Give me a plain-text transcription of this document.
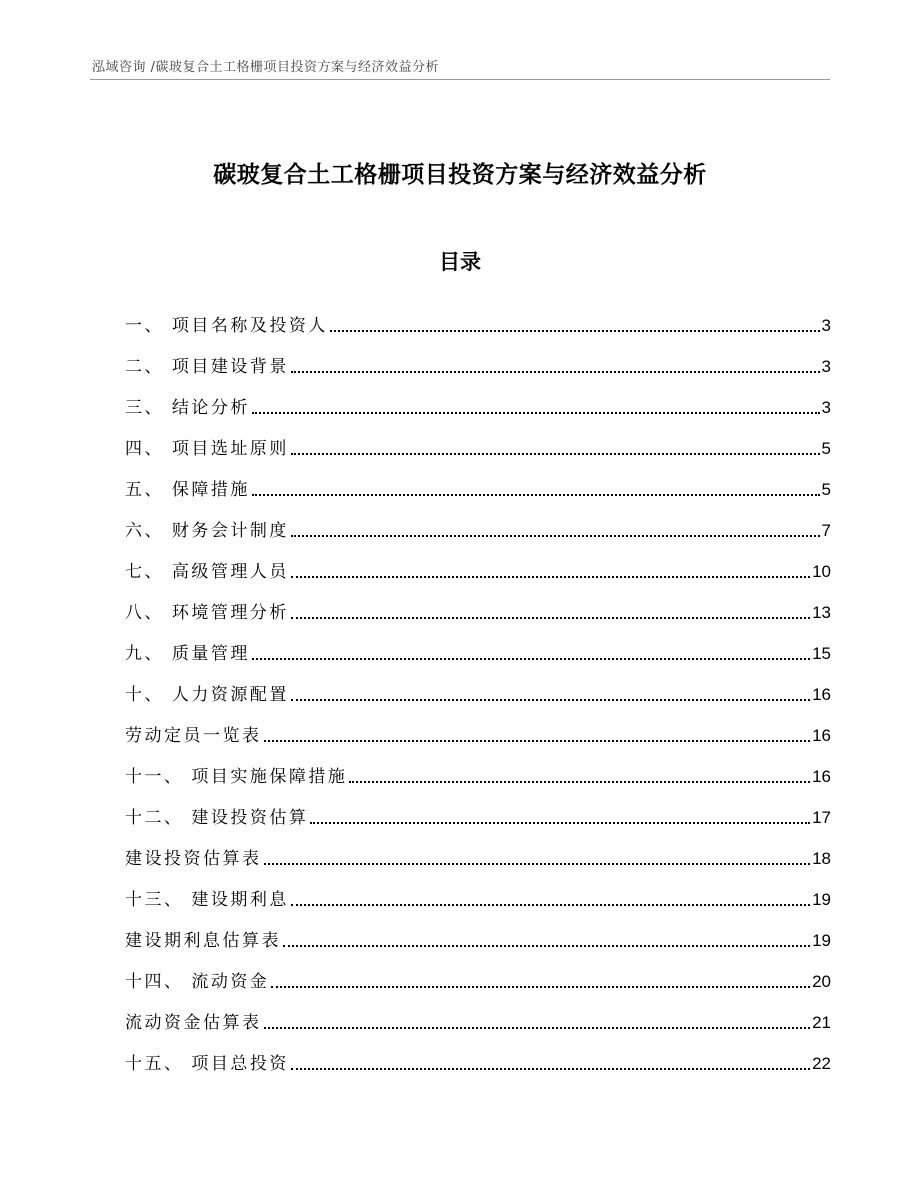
泓域咨询 /碳玻复合土工格栅项目投资方案与经济效益分析
碳玻复合土工格栅项目投资方案与经济效益分析
目录
一、 项目名称及投资人	3
二、 项目建设背景	3
三、 结论分析	3
四、 项目选址原则	5
五、 保障措施	5
六、 财务会计制度	7
七、 高级管理人员	10
八、 环境管理分析	13
九、 质量管理	15
十、 人力资源配置	16
劳动定员一览表	16
十一、 项目实施保障措施	16
十二、 建设投资估算	17
建设投资估算表	18
十三、 建设期利息	19
建设期利息估算表	19
十四、 流动资金	20
流动资金估算表	21
十五、 项目总投资	22
